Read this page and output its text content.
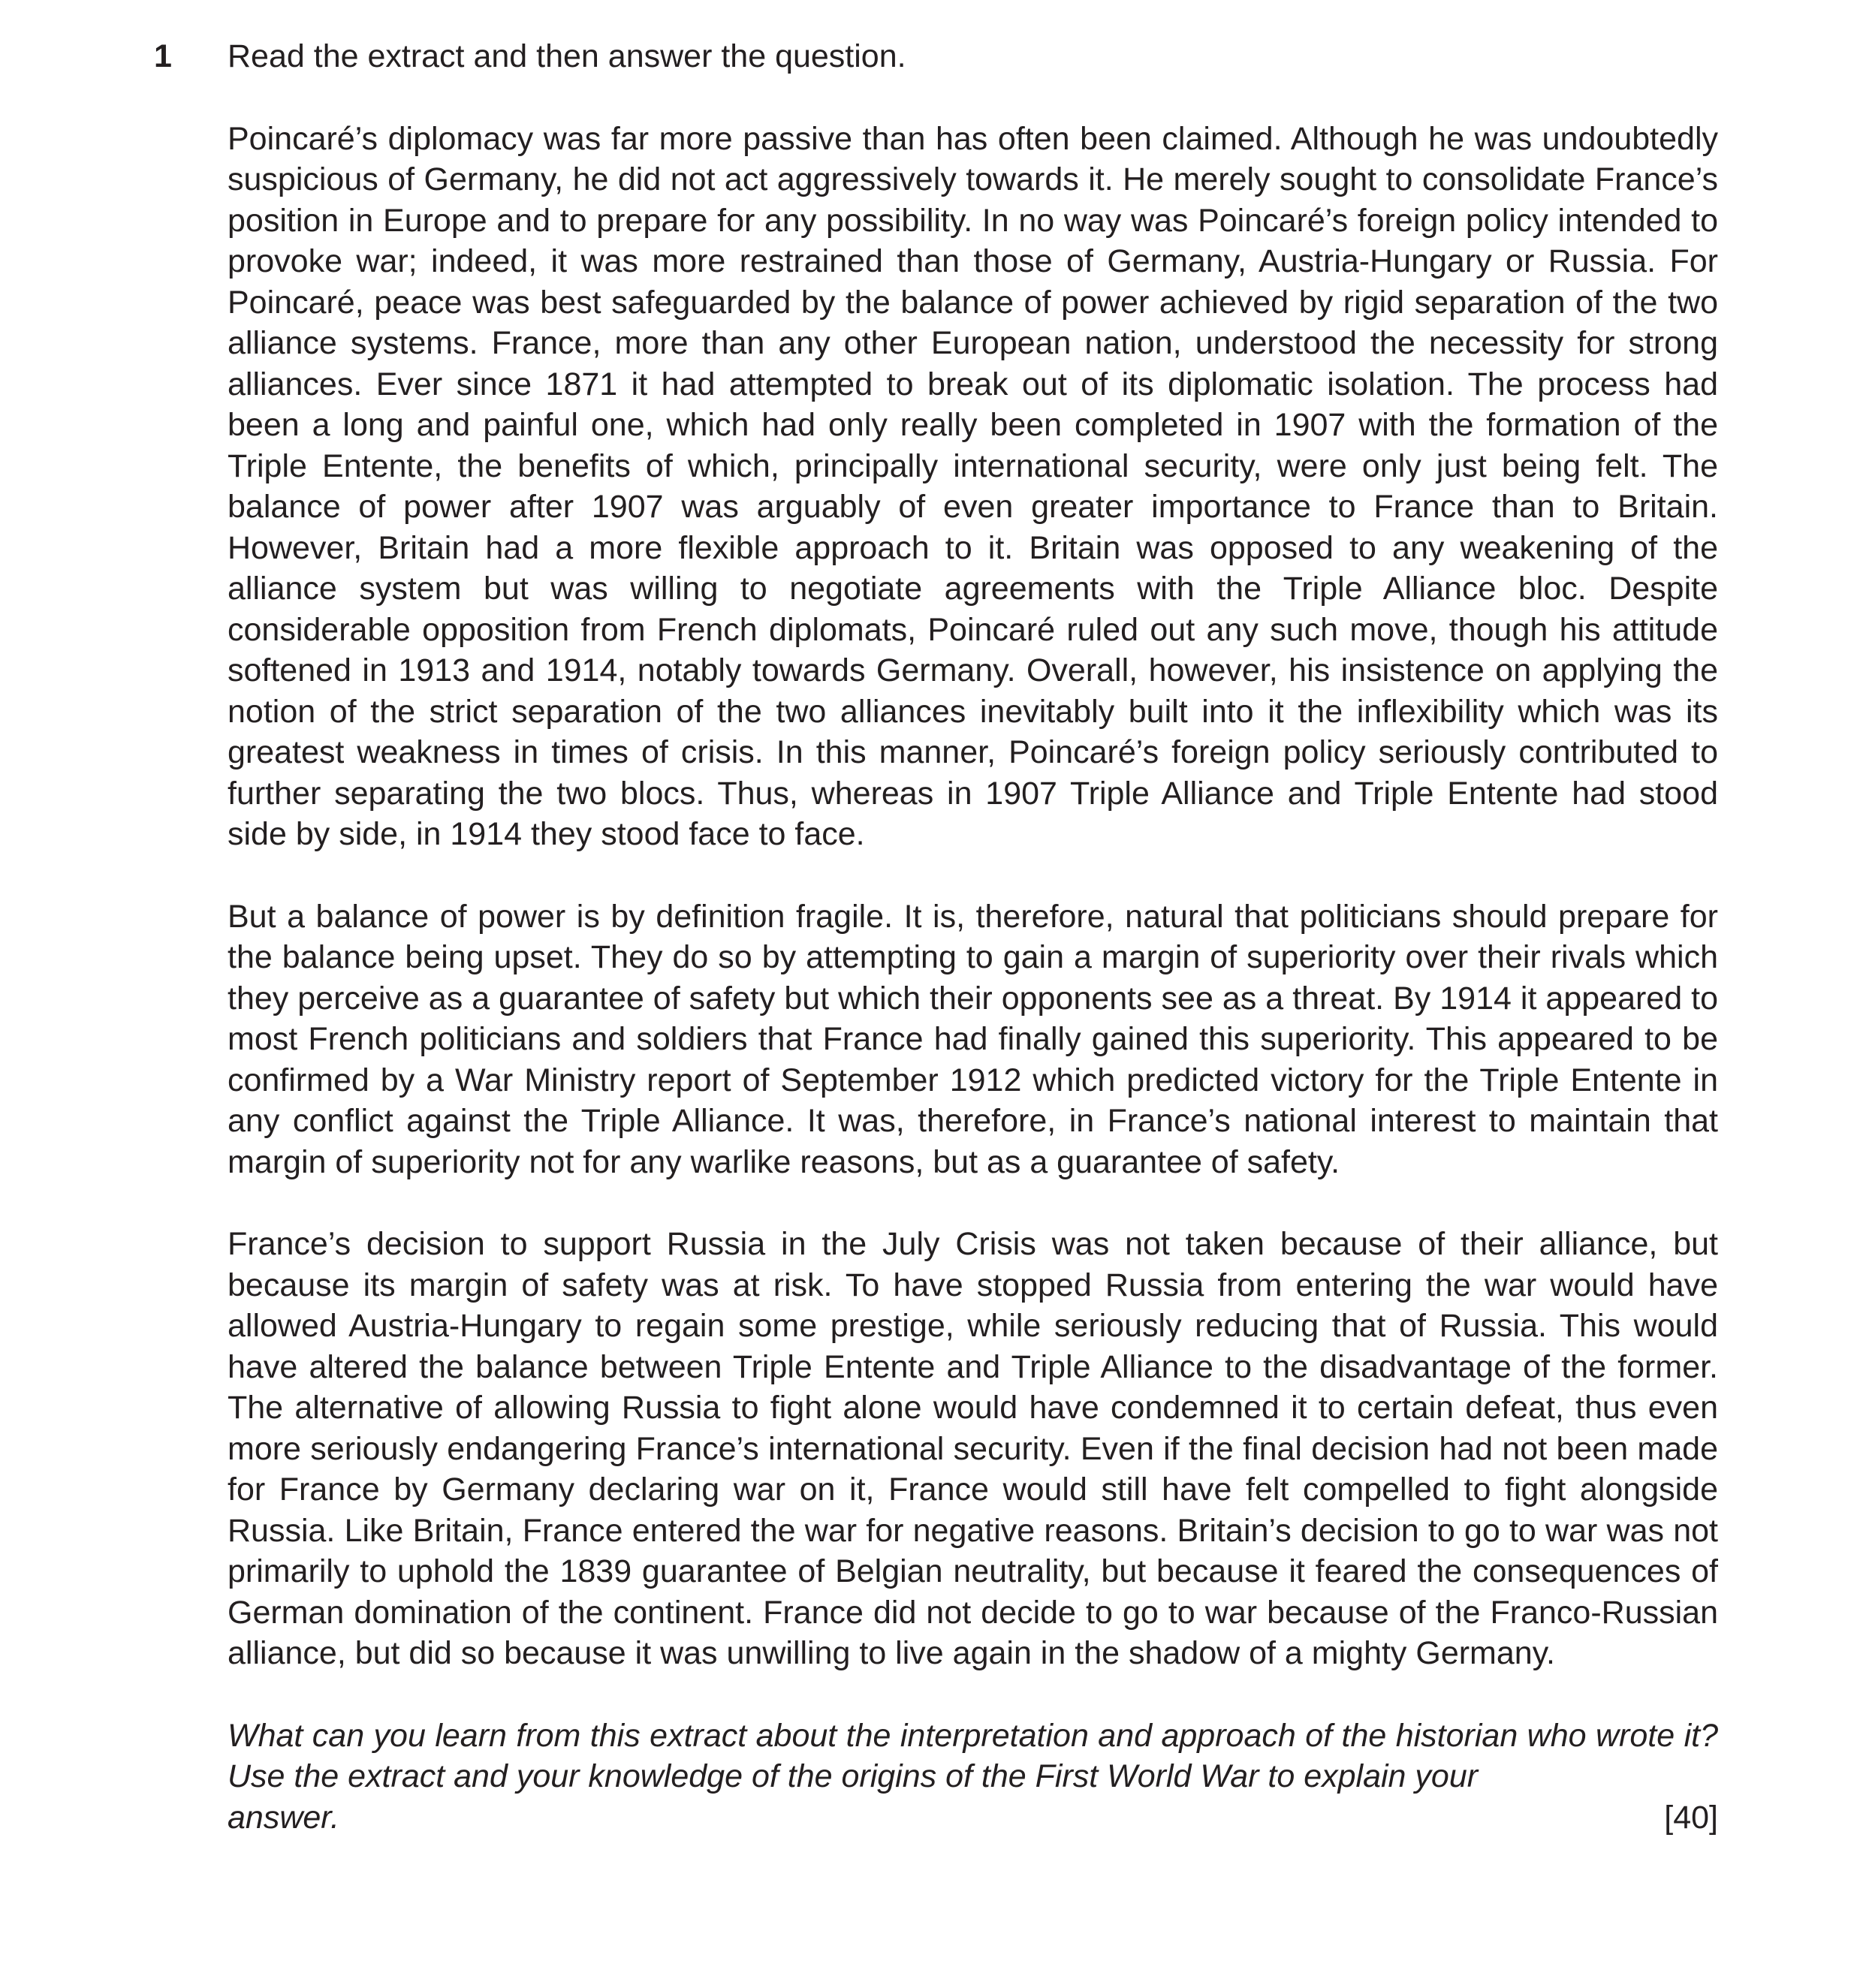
1 Read the extract and then answer the question.

Poincaré’s diplomacy was far more passive than has often been claimed. Although he was undoubtedly suspicious of Germany, he did not act aggressively towards it. He merely sought to consolidate France’s position in Europe and to prepare for any possibility. In no way was Poincaré’s foreign policy intended to provoke war; indeed, it was more restrained than those of Germany, Austria-Hungary or Russia. For Poincaré, peace was best safeguarded by the balance of power achieved by rigid separation of the two alliance systems. France, more than any other European nation, understood the necessity for strong alliances. Ever since 1871 it had attempted to break out of its diplomatic isolation. The process had been a long and painful one, which had only really been completed in 1907 with the formation of the Triple Entente, the benefits of which, principally international security, were only just being felt. The balance of power after 1907 was arguably of even greater importance to France than to Britain. However, Britain had a more flexible approach to it. Britain was opposed to any weakening of the alliance system but was willing to negotiate agreements with the Triple Alliance bloc. Despite considerable opposition from French diplomats, Poincaré ruled out any such move, though his attitude softened in 1913 and 1914, notably towards Germany. Overall, however, his insistence on applying the notion of the strict separation of the two alliances inevitably built into it the inflexibility which was its greatest weakness in times of crisis. In this manner, Poincaré’s foreign policy seriously contributed to further separating the two blocs. Thus, whereas in 1907 Triple Alliance and Triple Entente had stood side by side, in 1914 they stood face to face.

But a balance of power is by definition fragile. It is, therefore, natural that politicians should prepare for the balance being upset. They do so by attempting to gain a margin of superiority over their rivals which they perceive as a guarantee of safety but which their opponents see as a threat. By 1914 it appeared to most French politicians and soldiers that France had finally gained this superiority. This appeared to be confirmed by a War Ministry report of September 1912 which predicted victory for the Triple Entente in any conflict against the Triple Alliance. It was, therefore, in France’s national interest to maintain that margin of superiority not for any warlike reasons, but as a guarantee of safety.

France’s decision to support Russia in the July Crisis was not taken because of their alliance, but because its margin of safety was at risk. To have stopped Russia from entering the war would have allowed Austria-Hungary to regain some prestige, while seriously reducing that of Russia. This would have altered the balance between Triple Entente and Triple Alliance to the disadvantage of the former. The alternative of allowing Russia to fight alone would have condemned it to certain defeat, thus even more seriously endangering France’s international security. Even if the final decision had not been made for France by Germany declaring war on it, France would still have felt compelled to fight alongside Russia. Like Britain, France entered the war for negative reasons. Britain’s decision to go to war was not primarily to uphold the 1839 guarantee of Belgian neutrality, but because it feared the consequences of German domination of the continent. France did not decide to go to war because of the Franco-Russian alliance, but did so because it was unwilling to live again in the shadow of a mighty Germany.

What can you learn from this extract about the interpretation and approach of the historian who wrote it? Use the extract and your knowledge of the origins of the First World War to explain your

answer.	[40]
